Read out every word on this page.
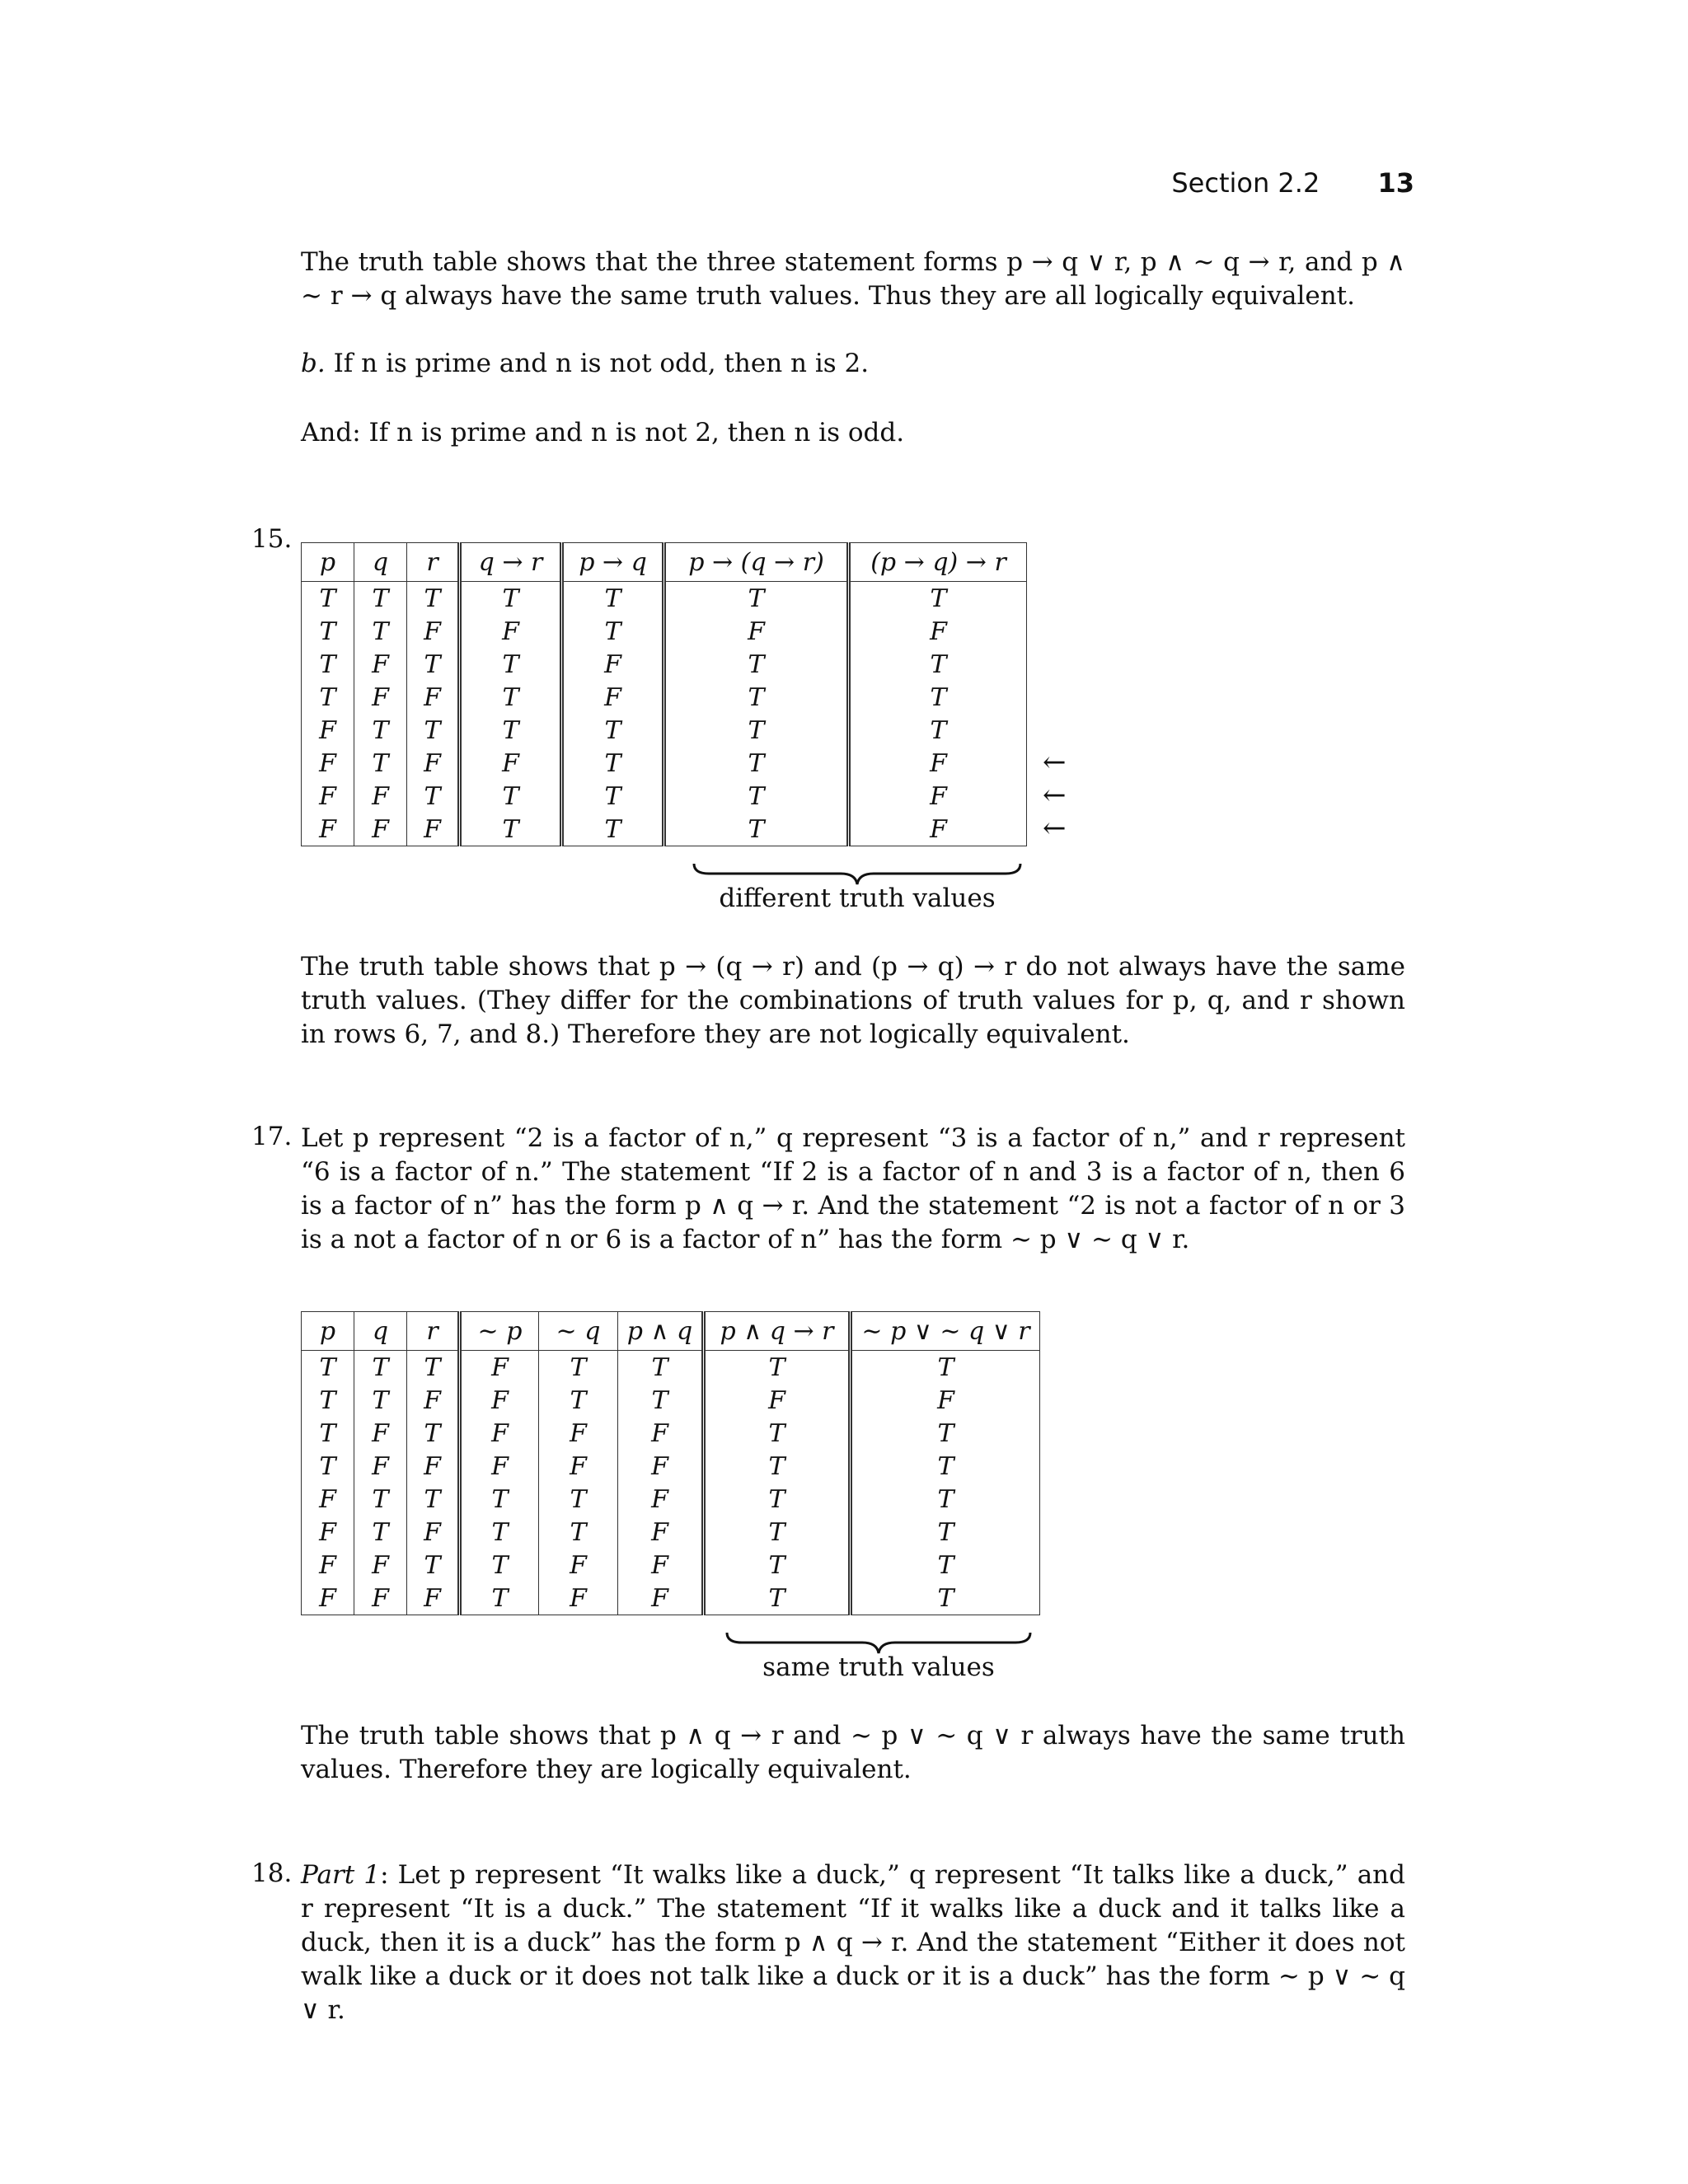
Section 2.2 13
The truth table shows that the three statement forms p → q ∨ r, p ∧ ∼ q → r, and p ∧ ∼ r → q always have the same truth values. Thus they are all logically equivalent.
b. If n is prime and n is not odd, then n is 2.
And: If n is prime and n is not 2, then n is odd.
15.
p	q	r	q → r	p → q	p → (q → r)	(p → q) → r
T	T	T	T	T	T	T
T	T	F	F	T	F	F
T	F	T	T	F	T	T
T	F	F	T	F	T	T
F	T	T	T	T	T	T
F	T	F	F	T	T	F
F	F	T	T	T	T	F
F	F	F	T	T	T	F
←
←
←
different truth values
The truth table shows that p → (q → r) and (p → q) → r do not always have the same truth values. (They differ for the combinations of truth values for p, q, and r shown in rows 6, 7, and 8.) Therefore they are not logically equivalent.
17. Let p represent “2 is a factor of n,” q represent “3 is a factor of n,” and r represent “6 is a factor of n.” The statement “If 2 is a factor of n and 3 is a factor of n, then 6 is a factor of n” has the form p ∧ q → r. And the statement “2 is not a factor of n or 3 is a not a factor of n or 6 is a factor of n” has the form ∼ p ∨ ∼ q ∨ r.
p	q	r	∼ p	∼ q	p ∧ q	p ∧ q → r	∼ p ∨ ∼ q ∨ r
T	T	T	F	T	T	T	T
T	T	F	F	T	T	F	F
T	F	T	F	F	F	T	T
T	F	F	F	F	F	T	T
F	T	T	T	T	F	T	T
F	T	F	T	T	F	T	T
F	F	T	T	F	F	T	T
F	F	F	T	F	F	T	T
same truth values
The truth table shows that p ∧ q → r and ∼ p ∨ ∼ q ∨ r always have the same truth values. Therefore they are logically equivalent.
18. Part 1: Let p represent “It walks like a duck,” q represent “It talks like a duck,” and r represent “It is a duck.” The statement “If it walks like a duck and it talks like a duck, then it is a duck” has the form p ∧ q → r. And the statement “Either it does not walk like a duck or it does not talk like a duck or it is a duck” has the form ∼ p ∨ ∼ q ∨ r.
